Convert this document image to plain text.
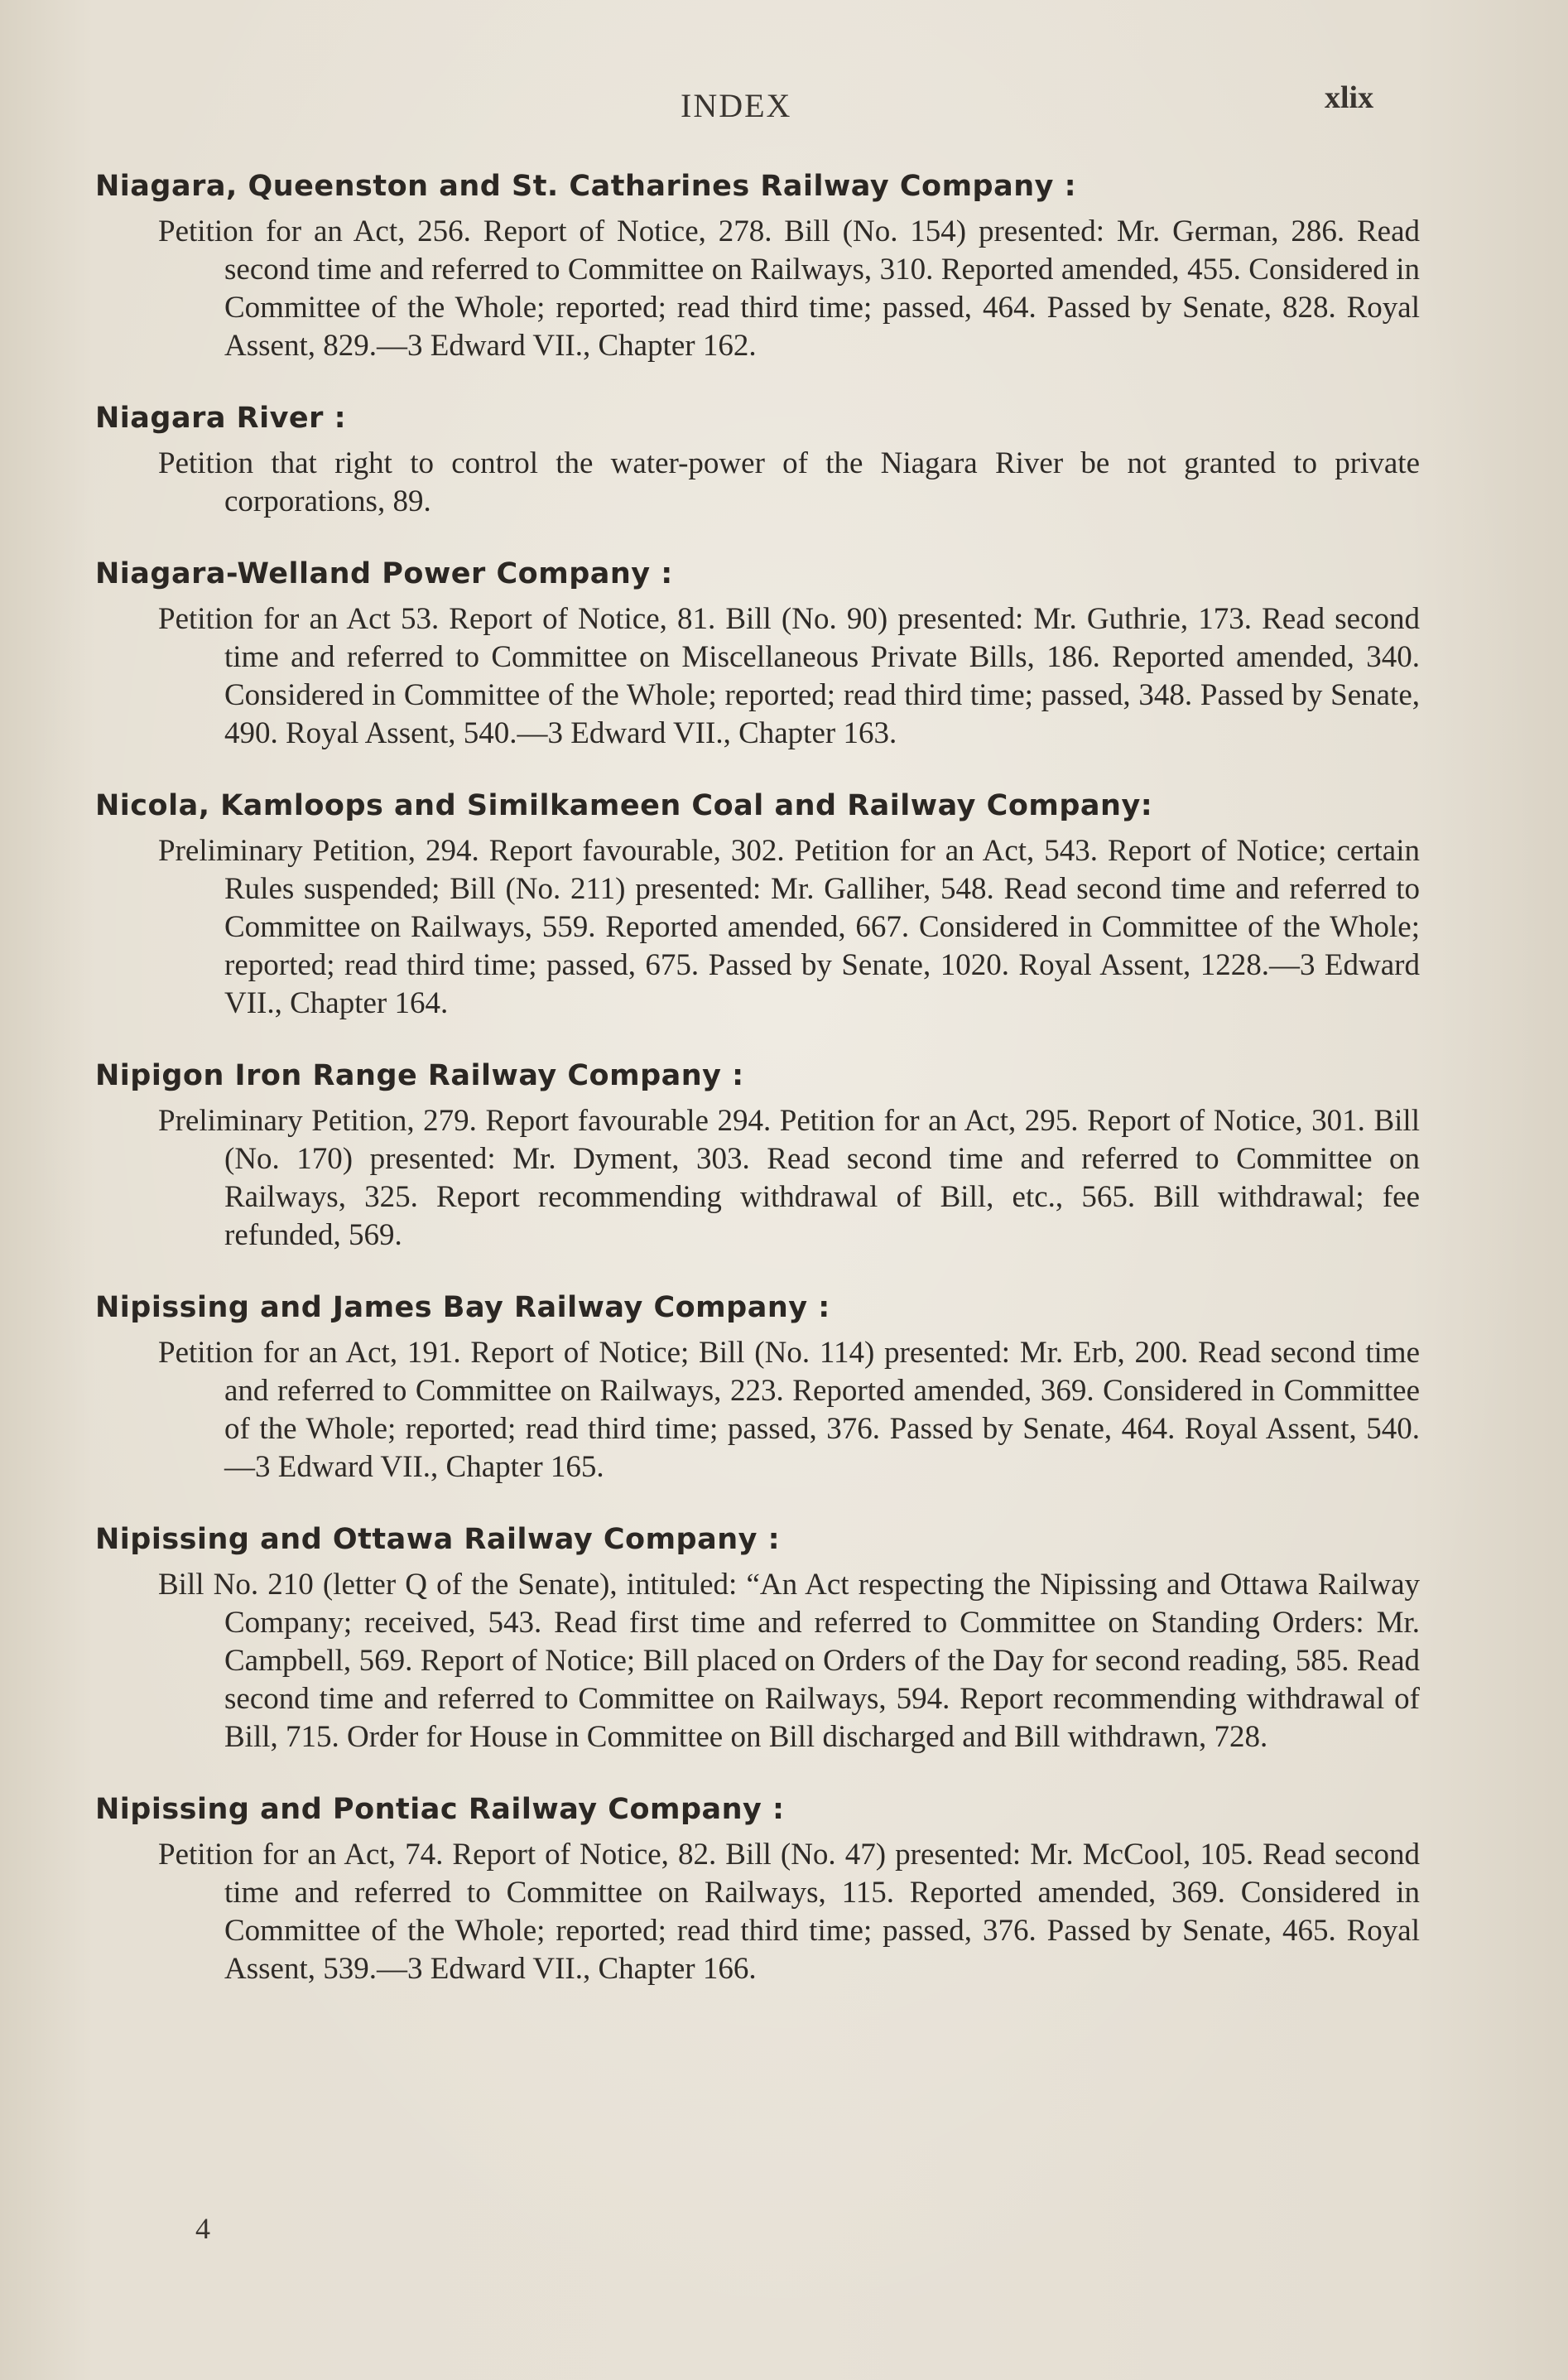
INDEX	xlix
Niagara, Queenston and St. Catharines Railway Company :
Petition for an Act, 256. Report of Notice, 278. Bill (No. 154) presented: Mr. German, 286. Read second time and referred to Committee on Railways, 310. Reported amended, 455. Considered in Committee of the Whole; reported; read third time; passed, 464. Passed by Senate, 828. Royal Assent, 829.—3 Edward VII., Chapter 162.
Niagara River :
Petition that right to control the water-power of the Niagara River be not granted to private corporations, 89.
Niagara-Welland Power Company :
Petition for an Act 53. Report of Notice, 81. Bill (No. 90) presented: Mr. Guthrie, 173. Read second time and referred to Committee on Miscellaneous Private Bills, 186. Reported amended, 340. Considered in Committee of the Whole; reported; read third time; passed, 348. Passed by Senate, 490. Royal Assent, 540.—3 Edward VII., Chapter 163.
Nicola, Kamloops and Similkameen Coal and Railway Company:
Preliminary Petition, 294. Report favourable, 302. Petition for an Act, 543. Report of Notice; certain Rules suspended; Bill (No. 211) presented: Mr. Galliher, 548. Read second time and referred to Committee on Railways, 559. Reported amended, 667. Considered in Committee of the Whole; reported; read third time; passed, 675. Passed by Senate, 1020. Royal Assent, 1228.—3 Edward VII., Chapter 164.
Nipigon Iron Range Railway Company :
Preliminary Petition, 279. Report favourable 294. Petition for an Act, 295. Report of Notice, 301. Bill (No. 170) presented: Mr. Dyment, 303. Read second time and referred to Committee on Railways, 325. Report recommending withdrawal of Bill, etc., 565. Bill withdrawal; fee refunded, 569.
Nipissing and James Bay Railway Company :
Petition for an Act, 191. Report of Notice; Bill (No. 114) presented: Mr. Erb, 200. Read second time and referred to Committee on Railways, 223. Reported amended, 369. Considered in Committee of the Whole; reported; read third time; passed, 376. Passed by Senate, 464. Royal Assent, 540.—3 Edward VII., Chapter 165.
Nipissing and Ottawa Railway Company :
Bill No. 210 (letter Q of the Senate), intituled: “An Act respecting the Nipissing and Ottawa Railway Company; received, 543. Read first time and referred to Committee on Standing Orders: Mr. Campbell, 569. Report of Notice; Bill placed on Orders of the Day for second reading, 585. Read second time and referred to Committee on Railways, 594. Report recommending withdrawal of Bill, 715. Order for House in Committee on Bill discharged and Bill withdrawn, 728.
Nipissing and Pontiac Railway Company :
Petition for an Act, 74. Report of Notice, 82. Bill (No. 47) presented: Mr. McCool, 105. Read second time and referred to Committee on Railways, 115. Reported amended, 369. Considered in Committee of the Whole; reported; read third time; passed, 376. Passed by Senate, 465. Royal Assent, 539.—3 Edward VII., Chapter 166.
4
